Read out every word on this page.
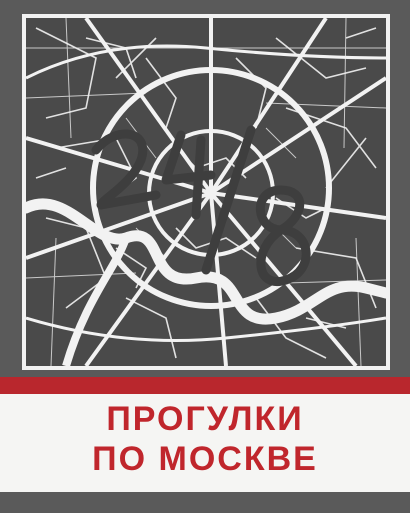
ПРОГУЛКИ
ПО МОСКВЕ
